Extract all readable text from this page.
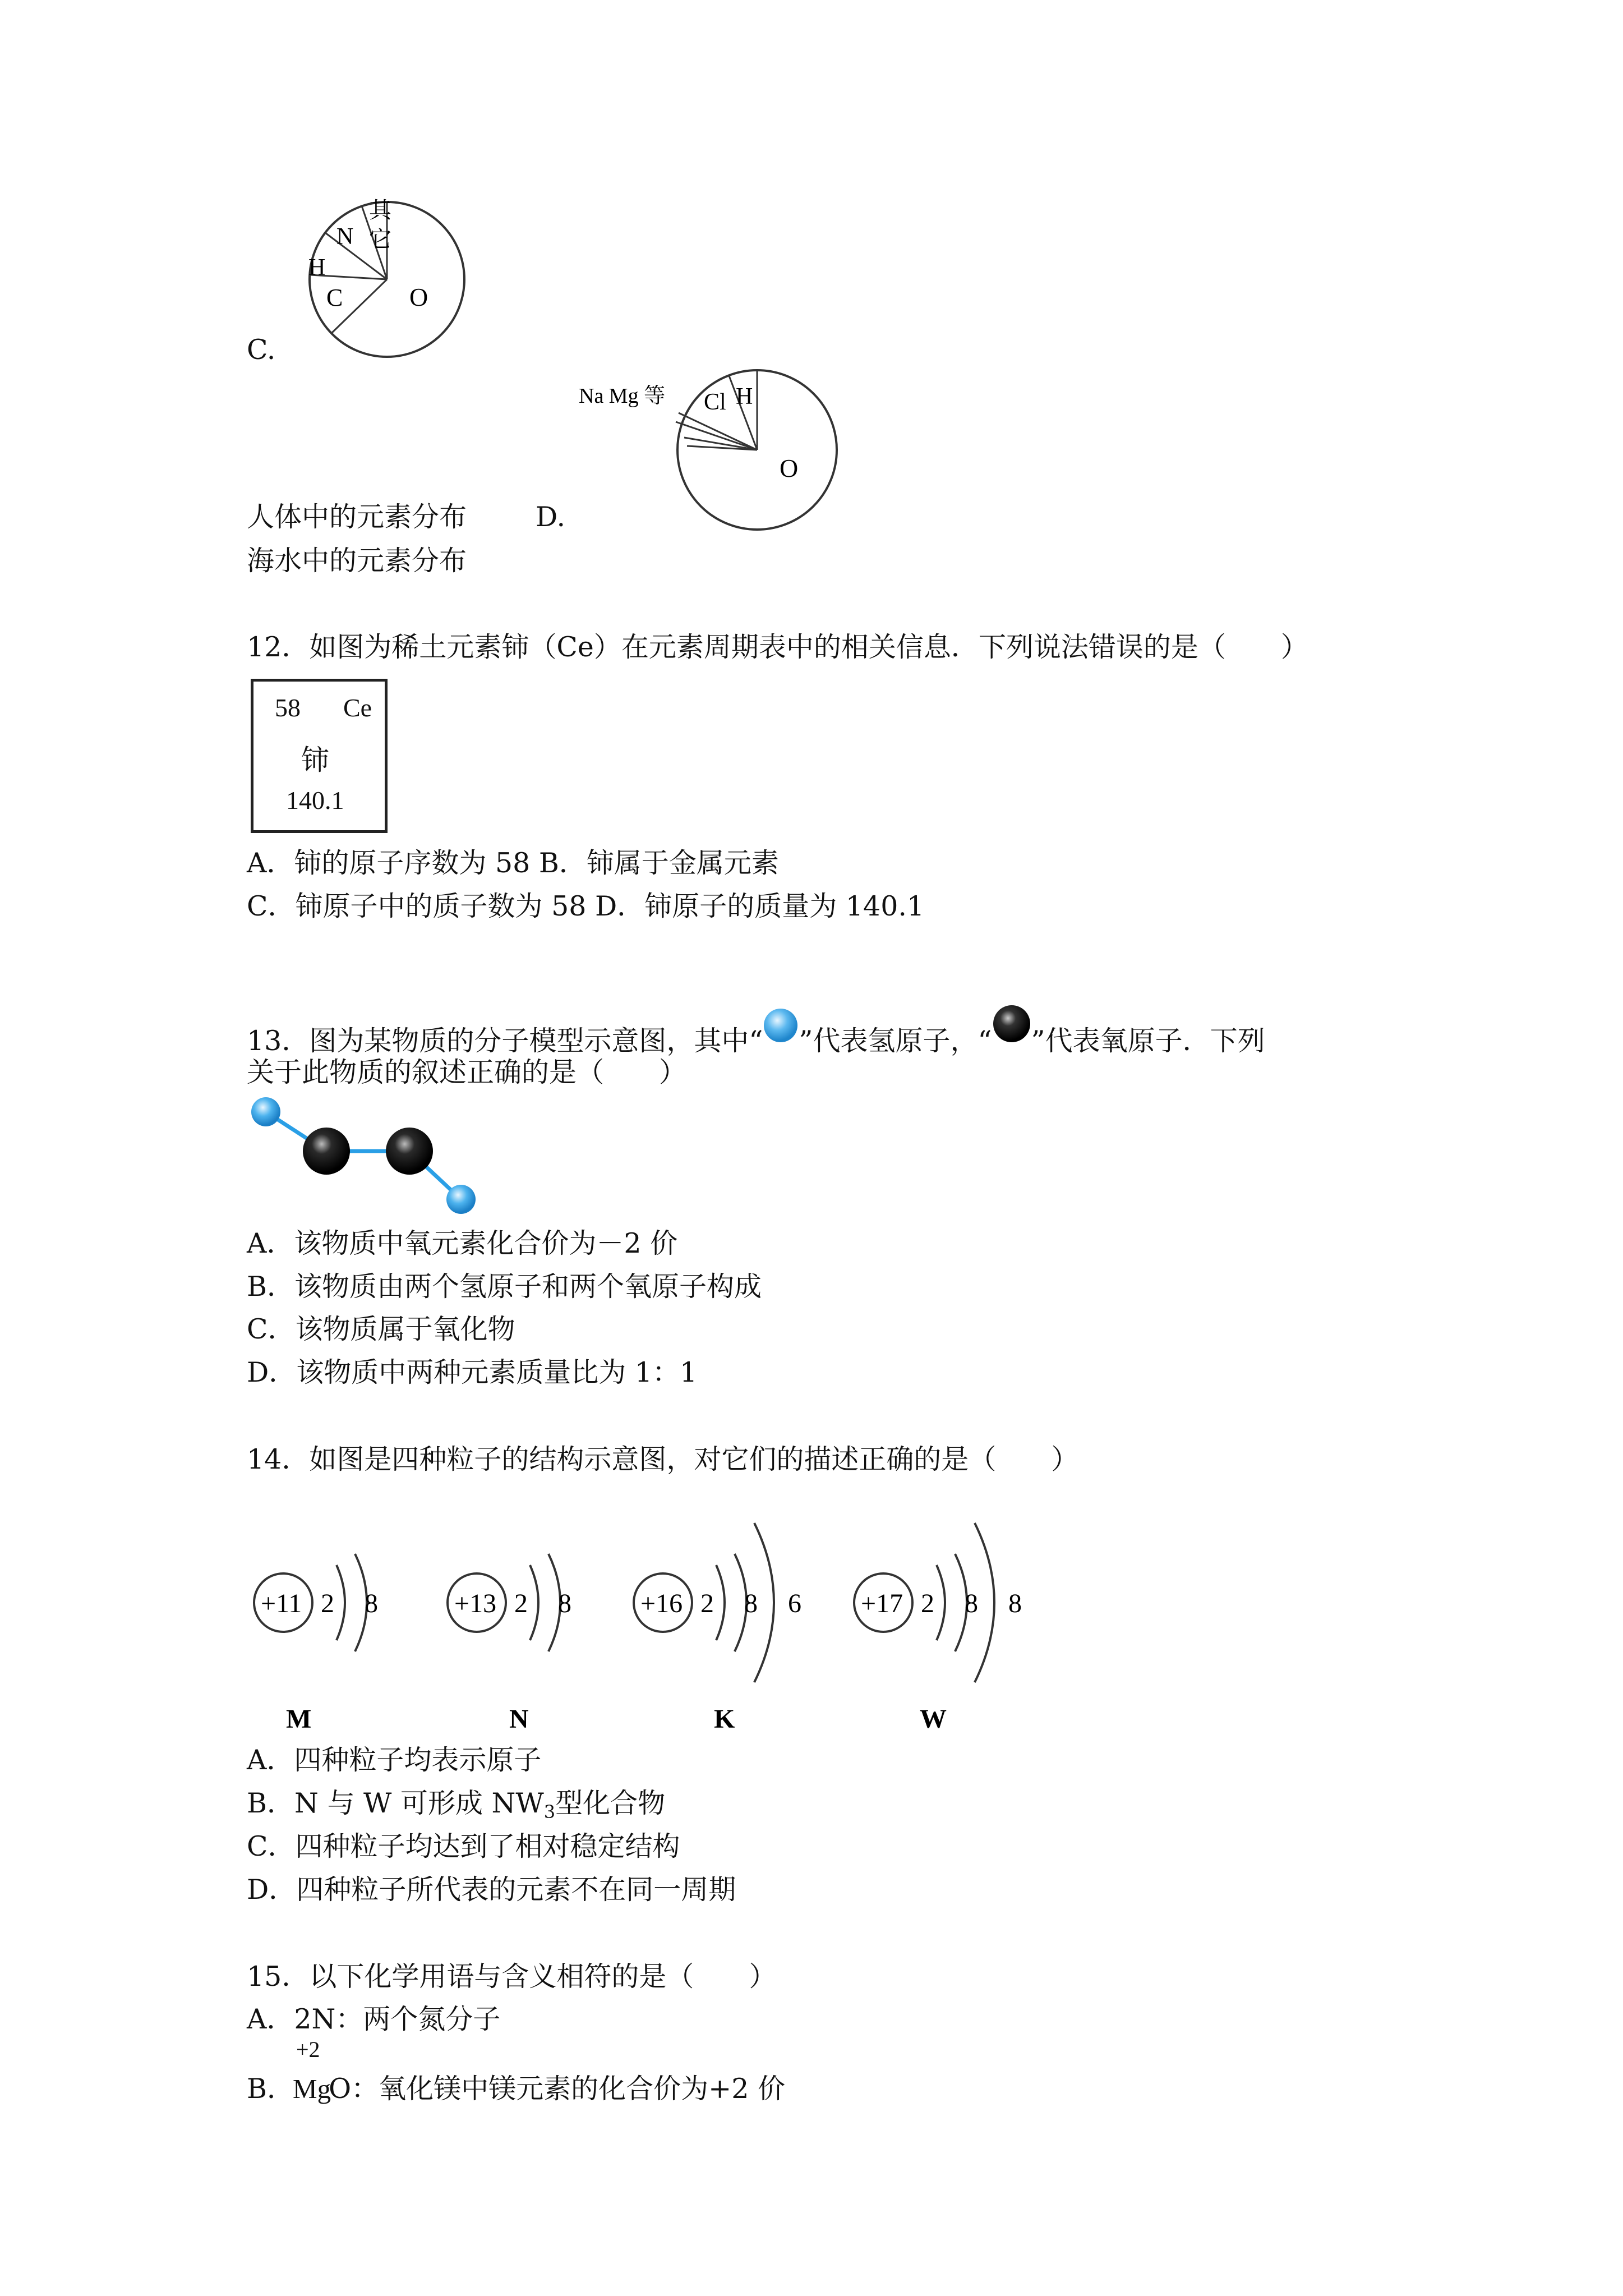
C.
其
它
N
H
C	O
Na Mg 等 Cl H
O
人体中的元素分布	D.
海水中的元素分布
12．如图为稀土元素铈（Ce）在元素周期表中的相关信息．下列说法错误的是（　　）
58 Ce
铈
140.1
A．铈的原子序数为 58 B．铈属于金属元素
C．铈原子中的质子数为 58 D．铈原子的质量为 140.1
13．图为某物质的分子模型示意图，其中“ ”代表氢原子，“ ”代表氧原子．下列
关于此物质的叙述正确的是（　　）
A．该物质中氧元素化合价为－2 价
B．该物质由两个氢原子和两个氧原子构成
C．该物质属于氧化物
D．该物质中两种元素质量比为 1：1
14．如图是四种粒子的结构示意图，对它们的描述正确的是（　　）
+11 2 8	+13 2 8	+16 2 8 6 +17 2 8 8
M	N	K	W
A．四种粒子均表示原子
B．N 与 W 可形成 $NW_3$型化合物
C．四种粒子均达到了相对稳定结构
D．四种粒子所代表的元素不在同一周期
15．以下化学用语与含义相符的是（　　）
A．2N：两个氮分子
B．
+2
Mg
O：氧化镁中镁元素的化合价为+2 价
